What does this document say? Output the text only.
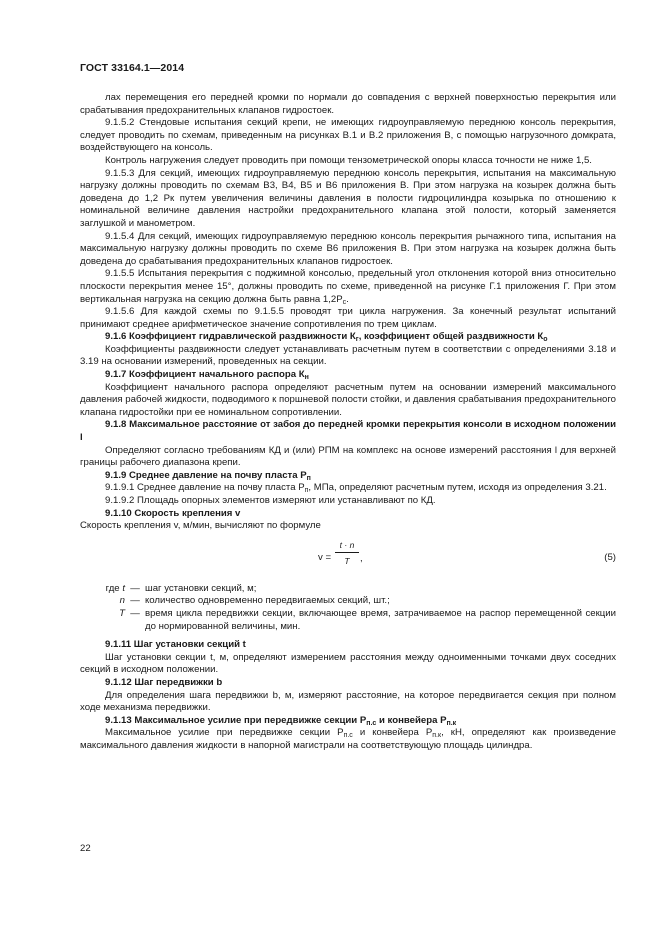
ГОСТ 33164.1—2014

лах перемещения его передней кромки по нормали до совпадения с верхней поверхностью перекрытия или срабатывания предохранительных клапанов гидростоек.

9.1.5.2 Стендовые испытания секций крепи, не имеющих гидроуправляемую переднюю консоль перекрытия, следует проводить по схемам, приведенным на рисунках В.1 и В.2 приложения В, с помощью нагрузочного домкрата, воздействующего на консоль.

Контроль нагружения следует проводить при помощи тензометрической опоры класса точности не ниже 1,5.

9.1.5.3 Для секций, имеющих гидроуправляемую переднюю консоль перекрытия, испытания на максимальную нагрузку должны проводить по схемам В3, В4, В5 и В6 приложения В. При этом нагрузка на козырек должна быть доведена до 1,2 Рк путем увеличения величины давления в полости гидроцилиндра козырька по отношению к номинальной величине давления настройки предохранительного клапана этой полости, который заменяется заглушкой и манометром.

9.1.5.4 Для секций, имеющих гидроуправляемую переднюю консоль перекрытия рычажного типа, испытания на максимальную нагрузку должны проводить по схеме В6 приложения В. При этом нагрузка на козырек должна быть доведена до срабатывания предохранительных клапанов гидростоек.

9.1.5.5 Испытания перекрытия с поджимной консолью, предельный угол отклонения которой вниз относительно плоскости перекрытия менее 15°, должны проводить по схеме, приведенной на рисунке Г.1 приложения Г. При этом вертикальная нагрузка на секцию должна быть равна $1,2Р_с$.

9.1.5.6 Для каждой схемы по 9.1.5.5 проводят три цикла нагружения. За конечный результат испытаний принимают среднее арифметическое значение сопротивления по трем циклам.

9.1.6 Коэффициент гидравлической раздвижности $К_г$, коэффициент общей раздвижности $К_о$

Коэффициенты раздвижности следует устанавливать расчетным путем в соответствии с определениями 3.18 и 3.19 на основании измерений, проведенных на секции.

9.1.7 Коэффициент начального распора $К_н$

Коэффициент начального распора определяют расчетным путем на основании измерений максимального давления рабочей жидкости, подводимого к поршневой полости стойки, и давления срабатывания предохранительного клапана гидростойки при ее номинальном сопротивлении.

9.1.8 Максимальное расстояние от забоя до передней кромки перекрытия консоли в исходном положении l

Определяют согласно требованиям КД и (или) РПМ на комплекс на основе измерений расстояния l для верхней границы рабочего диапазона крепи.

9.1.9 Среднее давление на почву пласта $Р_п$

9.1.9.1 Среднее давление на почву пласта $Р_п$, МПа, определяют расчетным путем, исходя из определения 3.21.

9.1.9.2 Площадь опорных элементов измеряют или устанавливают по КД.

9.1.10 Скорость крепления v

Скорость крепления v, м/мин, вычисляют по формуле

v =
t · n
T	,	(5)
где t — шаг установки секций, м;
n — количество одновременно передвигаемых секций, шт.;
T — время цикла передвижки секции, включающее время, затрачиваемое на распор перемещенной секции до нормированной величины, мин.

9.1.11 Шаг установки секций t

Шаг установки секции t, м, определяют измерением расстояния между одноименными точками двух соседних секций в исходном положении.

9.1.12 Шаг передвижки b

Для определения шага передвижки b, м, измеряют расстояние, на которое передвигается секция при полном ходе механизма передвижки.

9.1.13 Максимальное усилие при передвижке секции $Р_{п.с}$ и конвейера $Р_{п.к}$

Максимальное усилие при передвижке секции $Р_{п.с}$ и конвейера $Р_{п.к}$, кН, определяют как произведение максимального давления жидкости в напорной магистрали на соответствующую площадь цилиндра.

22
